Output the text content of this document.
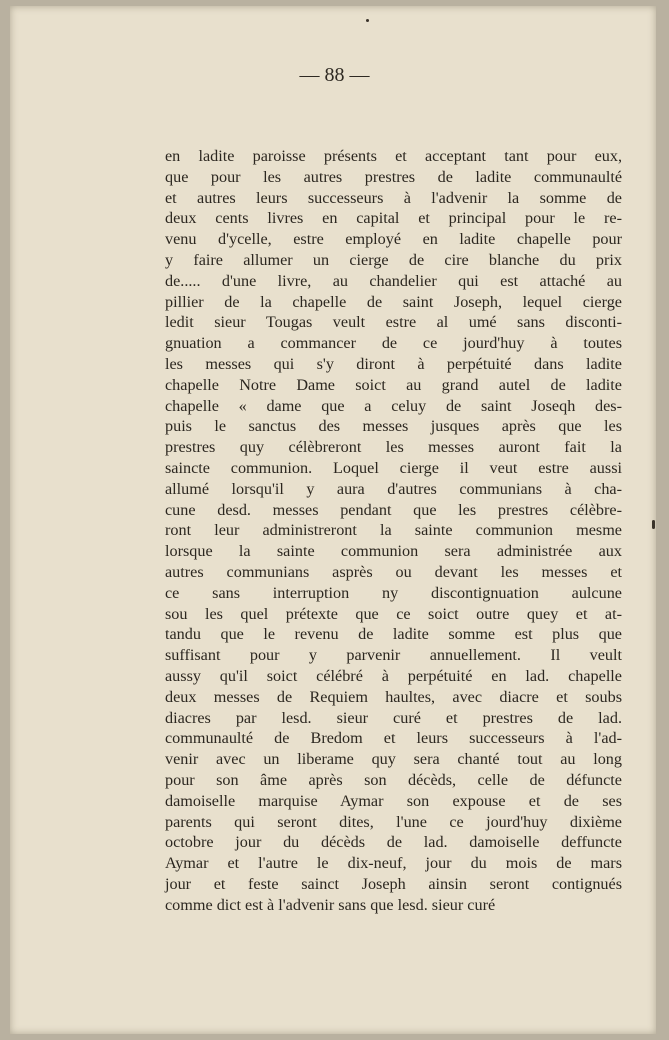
— 88 —
en ladite paroisse présents et acceptant tant pour eux,
que pour les autres prestres de ladite communaulté
et autres leurs successeurs à l'advenir la somme de
deux cents livres en capital et principal pour le re-
venu d'ycelle, estre employé en ladite chapelle pour
y faire allumer un cierge de cire blanche du prix
de..... d'une livre, au chandelier qui est attaché au
pillier de la chapelle de saint Joseph, lequel cierge
ledit sieur Tougas veult estre al umé sans disconti-
gnuation a commancer de ce jourd'huy à toutes
les messes qui s'y diront à perpétuité dans ladite
chapelle Notre Dame soict au grand autel de ladite
chapelle « dame que a celuy de saint Joseqh des-
puis le sanctus des messes jusques après que les
prestres quy célèbreront les messes auront fait la
saincte communion. Loquel cierge il veut estre aussi
allumé lorsqu'il y aura d'autres communians à cha-
cune desd. messes pendant que les prestres célèbre-
ront leur administreront la sainte communion mesme
lorsque la sainte communion sera administrée aux
autres communians asprès ou devant les messes et
ce sans interruption ny discontignuation aulcune
sou les quel prétexte que ce soict outre quey et at-
tandu que le revenu de ladite somme est plus que
suffisant pour y parvenir annuellement. Il veult
aussy qu'il soict célébré à perpétuité en lad. chapelle
deux messes de Requiem haultes, avec diacre et soubs
diacres par lesd. sieur curé et prestres de lad.
communaulté de Bredom et leurs successeurs à l'ad-
venir avec un liberame quy sera chanté tout au long
pour son âme après son décèds, celle de défuncte
damoiselle marquise Aymar son expouse et de ses
parents qui seront dites, l'une ce jourd'huy dixième
octobre jour du décèds de lad. damoiselle deffuncte
Aymar et l'autre le dix-neuf, jour du mois de mars
jour et feste sainct Joseph ainsin seront contignués
comme dict est à l'advenir sans que lesd. sieur curé
